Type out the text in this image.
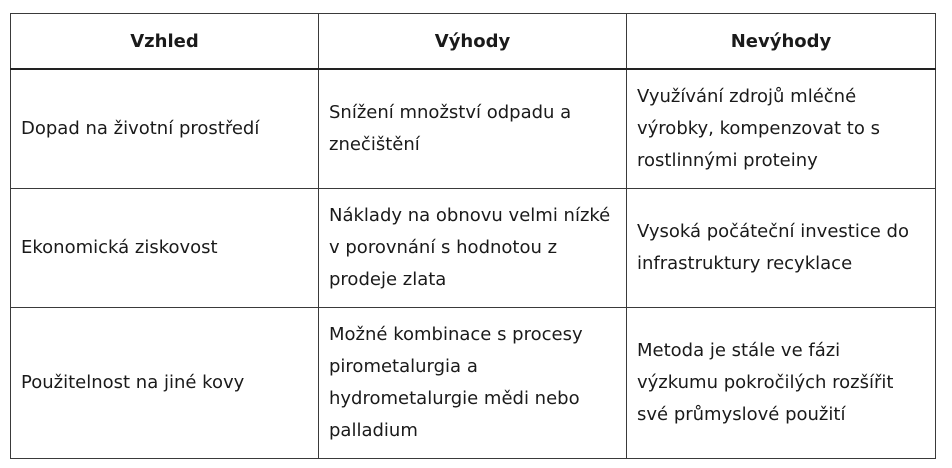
Vzhled	Výhody	Nevýhody
Dopad na životní prostředí	Snížení množství odpadu a znečištění	Využívání zdrojů mléčné výrobky, kompenzovat to s rostlinnými proteiny
Ekonomická ziskovost	Náklady na obnovu velmi nízké v porovnání s hodnotou z prodeje zlata	Vysoká počáteční investice do infrastruktury recyklace
Použitelnost na jiné kovy	Možné kombinace s procesy pirometalurgia a hydrometalurgie mědi nebo palladium	Metoda je stále ve fázi výzkumu pokročilých rozšířit své průmyslové použití
